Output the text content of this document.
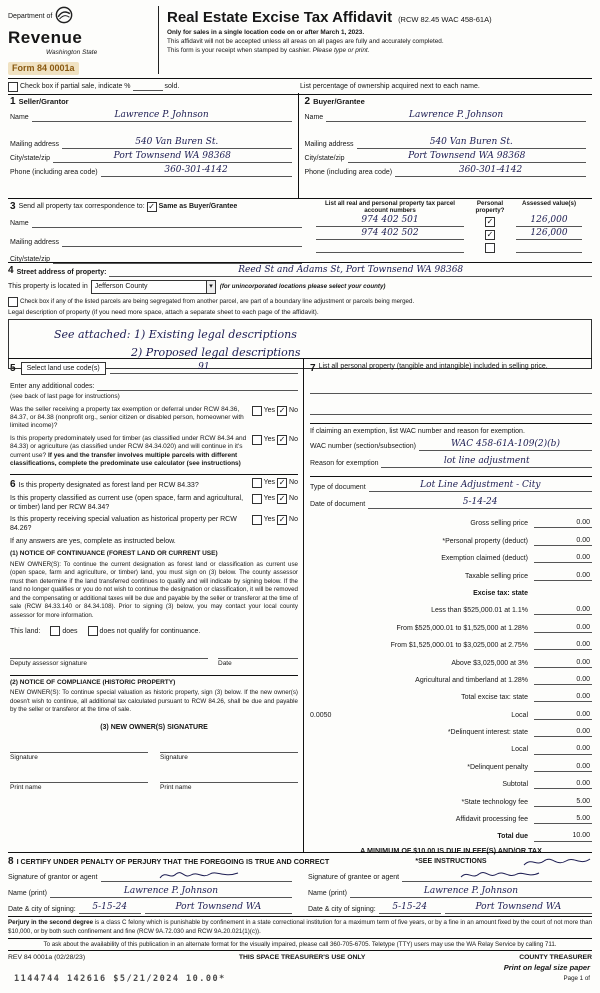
Department of
Revenue
Washington State
Form 84 0001a
Real Estate Excise Tax Affidavit (RCW 82.45 WAC 458-61A)
Only for sales in a single location code on or after March 1, 2023.
This affidavit will not be accepted unless all areas on all pages are fully and accurately completed.
This form is your receipt when stamped by cashier. Please type or print.
Check box if partial sale, indicate %	sold.	List percentage of ownership acquired next to each name.
1 Seller/Grantor
Name	Lawrence P. Johnson
Mailing address	540 Van Buren St.
City/state/zip	Port Townsend WA 98368
Phone (including area code)	360-301-4142
2 Buyer/Grantee
Name	Lawrence P. Johnson
Mailing address	540 Van Buren St.
City/state/zip	Port Townsend WA 98368
Phone (including area code)	360-301-4142
3 Send all property tax correspondence to: ✓ Same as Buyer/Grantee
Name
Mailing address
City/state/zip
List all real and personal property tax parcel account numbers
Personal property?
Assessed value(s)
974 402 501	✓	126,000
974 402 502	✓	126,000
4 Street address of property:	Reed St and Adams St, Port Townsend WA 98368
This property is located in Jefferson County	▾	(for unincorporated locations please select your county)
Check box if any of the listed parcels are being segregated from another parcel, are part of a boundary line adjustment or parcels being merged.
Legal description of property (if you need more space, attach a separate sheet to each page of the affidavit).
See attached: 1) Existing legal descriptions
2) Proposed legal descriptions
5	Select land use code(s)	91
Enter any additional codes:
(see back of last page for instructions)
Was the seller receiving a property tax exemption or deferral under RCW 84.36, 84.37, or 84.38 (nonprofit org., senior citizen or disabled person, homeowner with limited income)?
Yes ✓ No
Is this property predominately used for timber (as classified under RCW 84.34 and 84.33) or agriculture (as classified under RCW 84.34.020) and will continue in it's current use? If yes and the transfer involves multiple parcels with different classifications, complete the predominate use calculator (see instructions)
Yes ✓ No
6 Is this property designated as forest land per RCW 84.33?	Yes ✓ No
Is this property classified as current use (open space, farm and agricultural, or timber) land per RCW 84.34?
Yes ✓ No
Is this property receiving special valuation as historical property per RCW 84.26?
Yes ✓ No
If any answers are yes, complete as instructed below.
(1) NOTICE OF CONTINUANCE (FOREST LAND OR CURRENT USE)
NEW OWNER(S): To continue the current designation as forest land or classification as current use (open space, farm and agriculture, or timber) land, you must sign on (3) below. The county assessor must then determine if the land transferred continues to qualify and will indicate by signing below. If the land no longer qualifies or you do not wish to continue the designation or classification, it will be removed and the compensating or additional taxes will be due and payable by the seller or transferor at the time of sale (RCW 84.33.140 or 84.34.108). Prior to signing (3) below, you may contact your local county assessor for more information.
This land:	does	does not qualify for continuance.
Deputy assessor signature	Date
(2) NOTICE OF COMPLIANCE (HISTORIC PROPERTY)
NEW OWNER(S): To continue special valuation as historic property, sign (3) below. If the new owner(s) doesn't wish to continue, all additional tax calculated pursuant to RCW 84.26, shall be due and payable by the seller or transferor at the time of sale.
(3) NEW OWNER(S) SIGNATURE
Signature	Signature
Print name	Print name
7 List all personal property (tangible and intangible) included in selling price.
If claiming an exemption, list WAC number and reason for exemption.
WAC number (section/subsection)	WAC 458-61A-109(2)(b)
Reason for exemption	lot line adjustment
Type of document	Lot Line Adjustment - City
Date of document	5-14-24
Gross selling price	0.00
*Personal property (deduct)	0.00
Exemption claimed (deduct)	0.00
Taxable selling price	0.00
Excise tax: state
Less than $525,000.01 at 1.1%	0.00
From $525,000.01 to $1,525,000 at 1.28%	0.00
From $1,525,000.01 to $3,025,000 at 2.75%	0.00
Above $3,025,000 at 3%	0.00
Agricultural and timberland at 1.28%	0.00
Total excise tax: state	0.00
0.0050	Local	0.00
*Delinquent interest: state	0.00
Local	0.00
*Delinquent penalty	0.00
Subtotal	0.00
*State technology fee	5.00
Affidavit processing fee	5.00
Total due	10.00
A MINIMUM OF $10.00 IS DUE IN FEE(S) AND/OR TAX
*SEE INSTRUCTIONS
8 I CERTIFY UNDER PENALTY OF PERJURY THAT THE FOREGOING IS TRUE AND CORRECT
Signature of grantor or agent
Name (print)	Lawrence P. Johnson
Date & city of signing:	5-15-24	Port Townsend WA
Signature of grantee or agent
Name (print)	Lawrence P. Johnson
Date & city of signing:	5-15-24	Port Townsend WA
Perjury in the second degree is a class C felony which is punishable by confinement in a state correctional institution for a maximum term of five years, or by a fine in an amount fixed by the court of not more than $10,000, or by both such confinement and fine (RCW 9A.72.030 and RCW 9A.20.021(1)(c)).
To ask about the availability of this publication in an alternate format for the visually impaired, please call 360-705-6705. Teletype (TTY) users may use the WA Relay Service by calling 711.
REV 84 0001a (02/28/23)	THIS SPACE TREASURER'S USE ONLY	COUNTY TREASURER
1144744 142616 $5/21/2024 10.00*
Print on legal size paper
Page 1 of
